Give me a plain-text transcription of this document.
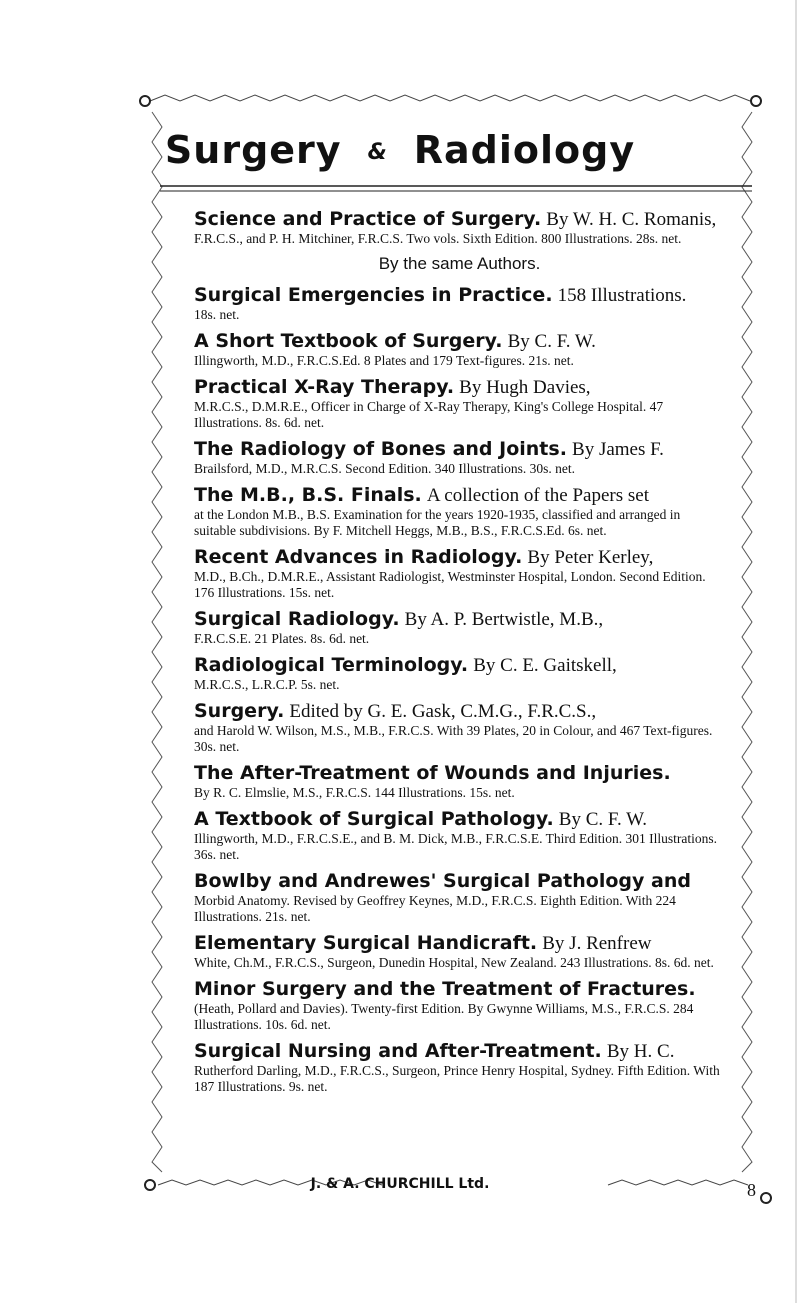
Surgery & Radiology
Science and Practice of Surgery. By W. H. C. Romanis,
F.R.C.S., and P. H. Mitchiner, F.R.C.S. Two vols. Sixth Edition. 800 Illustrations. 28s. net.
By the same Authors.
Surgical Emergencies in Practice. 158 Illustrations.
18s. net.
A Short Textbook of Surgery. By C. F. W.
Illingworth, M.D., F.R.C.S.Ed. 8 Plates and 179 Text-figures. 21s. net.
Practical X-Ray Therapy. By Hugh Davies,
M.R.C.S., D.M.R.E., Officer in Charge of X-Ray Therapy, King's College Hospital. 47 Illustrations. 8s. 6d. net.
The Radiology of Bones and Joints. By James F.
Brailsford, M.D., M.R.C.S. Second Edition. 340 Illustrations. 30s. net.
The M.B., B.S. Finals. A collection of the Papers set
at the London M.B., B.S. Examination for the years 1920-1935, classified and arranged in suitable subdivisions. By F. Mitchell Heggs, M.B., B.S., F.R.C.S.Ed. 6s. net.
Recent Advances in Radiology. By Peter Kerley,
M.D., B.Ch., D.M.R.E., Assistant Radiologist, Westminster Hospital, London. Second Edition. 176 Illustrations. 15s. net.
Surgical Radiology. By A. P. Bertwistle, M.B.,
F.R.C.S.E. 21 Plates. 8s. 6d. net.
Radiological Terminology. By C. E. Gaitskell,
M.R.C.S., L.R.C.P. 5s. net.
Surgery. Edited by G. E. Gask, C.M.G., F.R.C.S.,
and Harold W. Wilson, M.S., M.B., F.R.C.S. With 39 Plates, 20 in Colour, and 467 Text-figures. 30s. net.
The After-Treatment of Wounds and Injuries.
By R. C. Elmslie, M.S., F.R.C.S. 144 Illustrations. 15s. net.
A Textbook of Surgical Pathology. By C. F. W.
Illingworth, M.D., F.R.C.S.E., and B. M. Dick, M.B., F.R.C.S.E. Third Edition. 301 Illustrations. 36s. net.
Bowlby and Andrewes' Surgical Pathology and
Morbid Anatomy. Revised by Geoffrey Keynes, M.D., F.R.C.S. Eighth Edition. With 224 Illustrations. 21s. net.
Elementary Surgical Handicraft. By J. Renfrew
White, Ch.M., F.R.C.S., Surgeon, Dunedin Hospital, New Zealand. 243 Illustrations. 8s. 6d. net.
Minor Surgery and the Treatment of Fractures.
(Heath, Pollard and Davies). Twenty-first Edition. By Gwynne Williams, M.S., F.R.C.S. 284 Illustrations. 10s. 6d. net.
Surgical Nursing and After-Treatment. By H. C.
Rutherford Darling, M.D., F.R.C.S., Surgeon, Prince Henry Hospital, Sydney. Fifth Edition. With 187 Illustrations. 9s. net.
J. & A. CHURCHILL Ltd.	8
